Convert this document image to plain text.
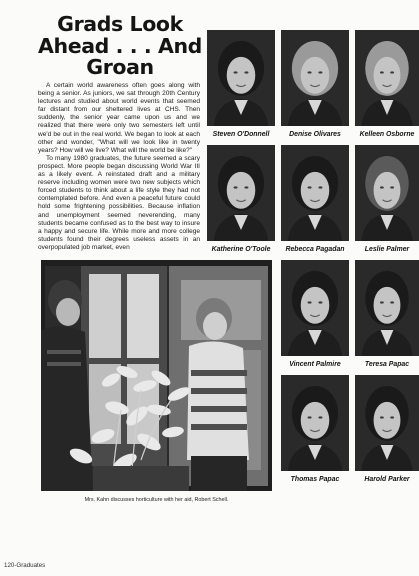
Grads Look
Ahead . . . And
Groan

A certain world awareness often goes along with being a senior. As juniors, we sat through 20th Century lectures and studied about world events that seemed far distant from our sheltered lives at CHS. Then suddenly, the senior year came upon us and we realized that there were only two semesters left until we'd be out in the real world. We began to look at each other and wonder, "What will we look like in twenty years? How will we live? What will the world be like?"

To many 1980 graduates, the future seemed a scary prospect. More people began discussing World War III as a likely event. A reinstated draft and a military reserve including women were two new subjects which forced students to think about a life style they had not contemplated before. And even a peaceful future could hold some frightening possibilities. Because inflation and unemployment seemed neverending, many students became confused as to the best way to insure a happy and secure life. While more and more college students found their degrees useless assets in an overpopulated job market, even

Steven O'Donnell	Denise Olivares	Kelleen Osborne
Katherine O'Toole	Rebecca Pagadan	Leslie Palmer
Vincent Palmire	Teresa Papac
Thomas Papac	Harold Parker
Mrs. Kahn discusses horticulture with her aid, Robert Schell.
120-Graduates
